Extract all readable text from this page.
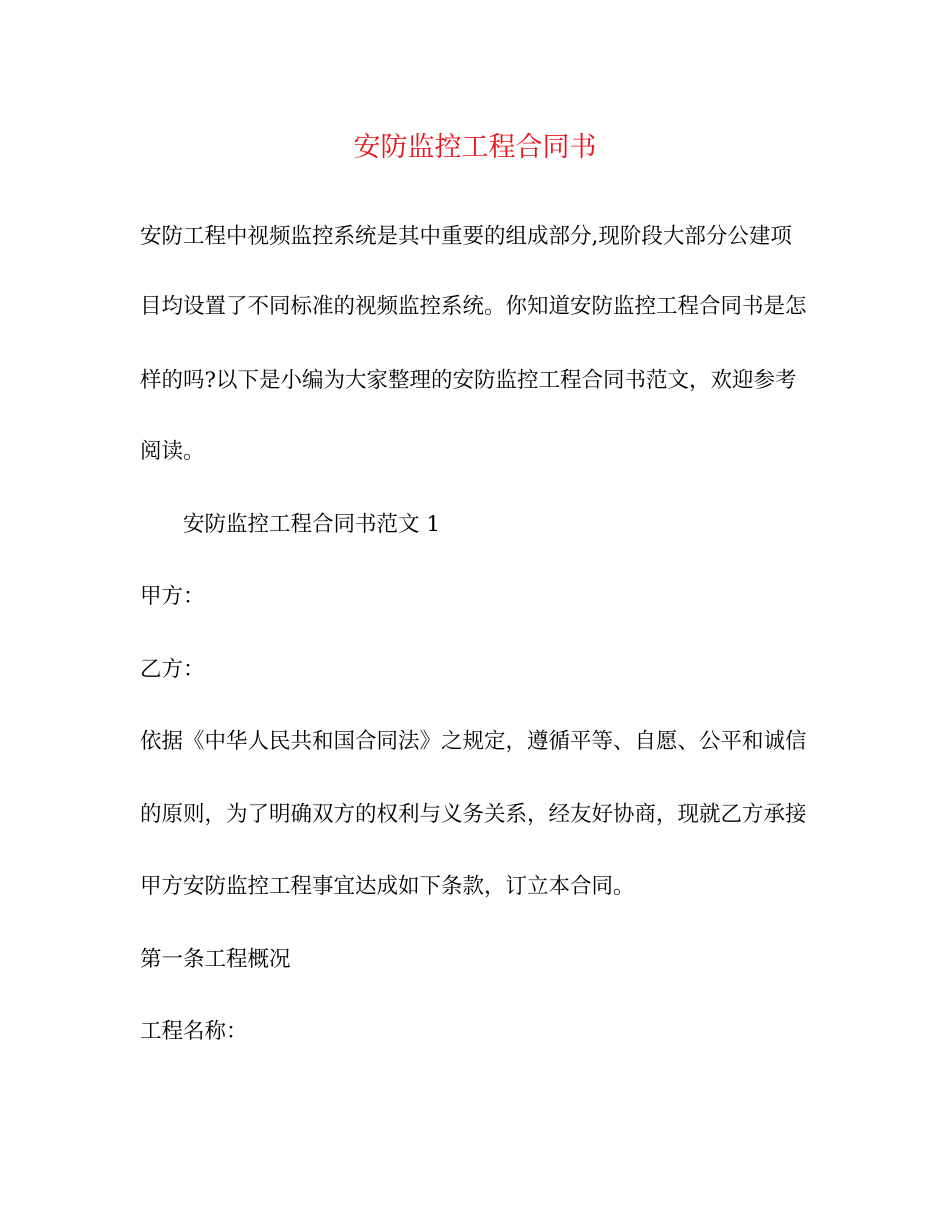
安防监控工程合同书
安防工程中视频监控系统是其中重要的组成部分,现阶段大部分公建项
目均设置了不同标准的视频监控系统。你知道安防监控工程合同书是怎
样的吗?以下是小编为大家整理的安防监控工程合同书范文，欢迎参考
阅读。
安防监控工程合同书范文 1
甲方：
乙方：
依据《中华人民共和国合同法》之规定，遵循平等、自愿、公平和诚信
的原则，为了明确双方的权利与义务关系，经友好协商，现就乙方承接
甲方安防监控工程事宜达成如下条款，订立本合同。
第一条工程概况
工程名称：
